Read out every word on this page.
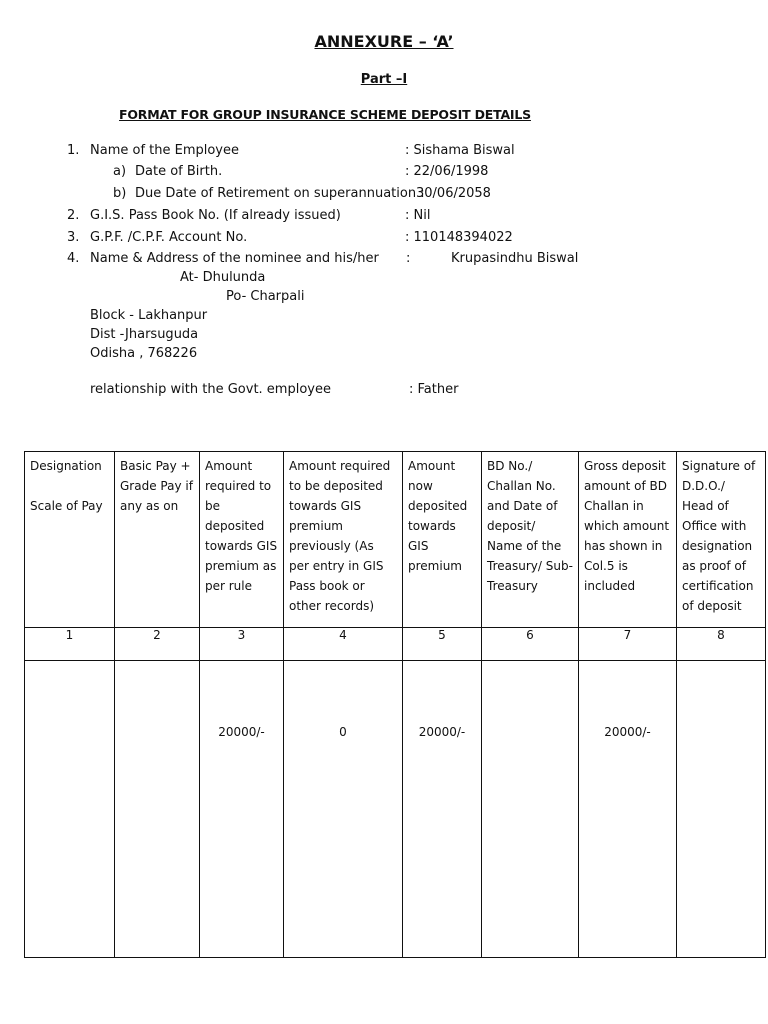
ANNEXURE – ‘A’
Part –I
FORMAT FOR GROUP INSURANCE SCHEME DEPOSIT DETAILS
1. Name of the Employee	: Sishama Biswal
a) Date of Birth.	: 22/06/1998
b) Due Date of Retirement on superannuation :
30/06/2058
2. G.I.S. Pass Book No. (If already issued)	: Nil
3. G.P.F. /C.P.F. Account No.	: 110148394022
4. Name & Address of the nominee and his/her :	Krupasindhu Biswal
At- Dhulunda
Po- Charpali
Block - Lakhanpur
Dist -Jharsuguda
Odisha , 768226
relationship with the Govt. employee	: Father
Designation

Scale of Pay	Basic Pay + Grade Pay if any as on	Amount required to be deposited towards GIS premium as per rule	Amount required to be deposited towards GIS premium previously (As per entry in GIS Pass book or other records)	Amount now deposited towards GIS premium	BD No./ Challan No. and Date of deposit/ Name of the Treasury/ Sub-Treasury	Gross deposit amount of BD Challan in which amount has shown in Col.5 is included	Signature of D.D.O./ Head of Office with designation as proof of certification of deposit

1	2	3	4	5	6	7	8

		20000/-	0	20000/-		20000/-	
